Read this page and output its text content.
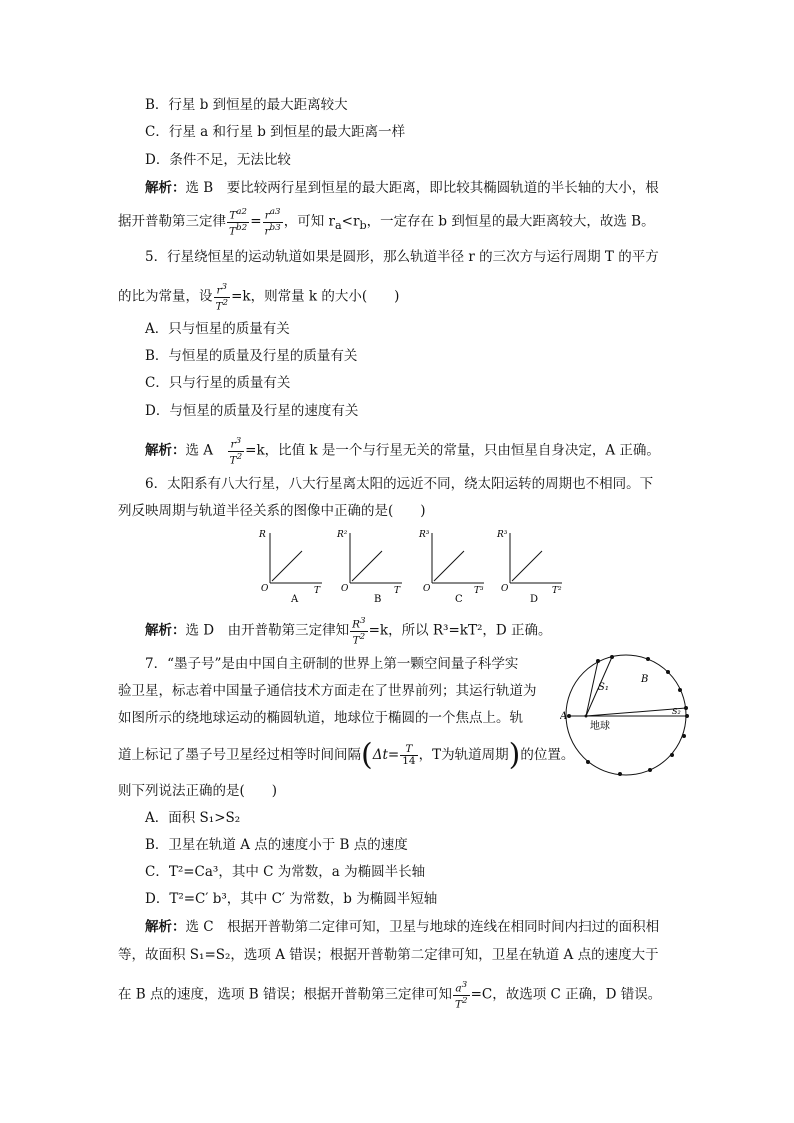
B．行星 b 到恒星的最大距离较大
C．行星 a 和行星 b 到恒星的最大距离一样
D．条件不足，无法比较
解析：选 B　要比较两行星到恒星的最大距离，即比较其椭圆轨道的半长轴的大小，根
据开普勒第三定律 $\frac{T^{a2}}{T^{b2}} = \frac{r^{a3}}{r^{b3}}$ ，可知 $r_a<r_b$，一定存在 b 到恒星的最大距离较大，故选 B。
5．行星绕恒星的运动轨道如果是圆形，那么轨道半径 r 的三次方与运行周期 T 的平方
的比为常量，设 $\frac{r^3}{T^2} =k$，则常量 k 的大小(　　)
A．只与恒星的质量有关
B．与恒星的质量及行星的质量有关
C．只与行星的质量有关
D．与恒星的质量及行星的速度有关
解析：选 A　 $\frac{r^3}{T^2} =k$，比值 k 是一个与行星无关的常量，只由恒星自身决定，A 正确。
6．太阳系有八大行星，八大行星离太阳的远近不同，绕太阳运转的周期也不相同。下
列反映周期与轨道半径关系的图像中正确的是(　　)
R
O	T
A
R²
O	T
B
R³
O	T³
C
R³
O	T²
D
解析：选 D　由开普勒第三定律知 $\frac{R^3}{T^2} =k$，所以 R³=kT²，D 正确。
7．“墨子号”是由中国自主研制的世界上第一颗空间量子科学实
验卫星，标志着中国量子通信技术方面走在了世界前列；其运行轨道为
如图所示的绕地球运动的椭圆轨道，地球位于椭圆的一个焦点上。轨
道上标记了墨子号卫星经过相等时间间隔($\Delta t= \frac{T}{14}$ ，T为轨道周期)的位置。
则下列说法正确的是(　　)
A
B
S₁
S₂
地球
A．面积 S₁>S₂
B．卫星在轨道 A 点的速度小于 B 点的速度
C．T²=Ca³，其中 C 为常数，a 为椭圆半长轴
D．T²=C′ b³，其中 C′ 为常数，b 为椭圆半短轴
解析：选 C　根据开普勒第二定律可知，卫星与地球的连线在相同时间内扫过的面积相
等，故面积 S₁=S₂，选项 A 错误；根据开普勒第二定律可知，卫星在轨道 A 点的速度大于
在 B 点的速度，选项 B 错误；根据开普勒第三定律可知 $\frac{a^3}{T^2} =C$，故选项 C 正确，D 错误。
